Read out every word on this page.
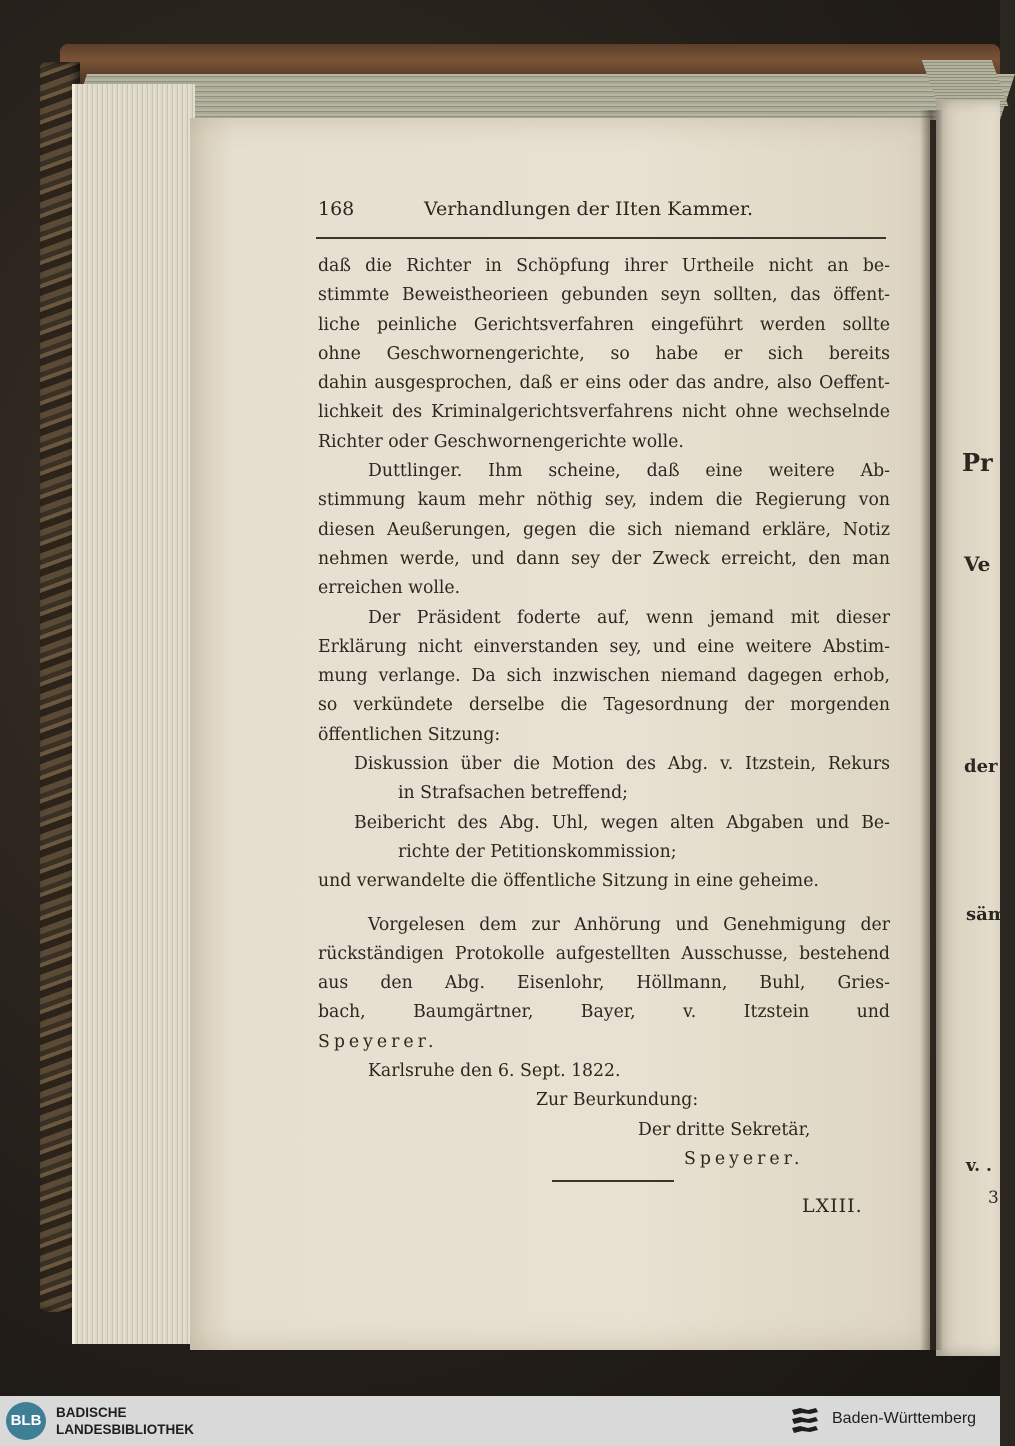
168	Verhandlungen der IIten Kammer.
daß die Richter in Schöpfung ihrer Urtheile nicht an be-
stimmte Beweistheorieen gebunden seyn sollten, das öffent-
liche peinliche Gerichtsverfahren eingeführt werden sollte
ohne Geschwornengerichte, so habe er sich bereits
dahin ausgesprochen, daß er eins oder das andre, also Oeffent-
lichkeit des Kriminalgerichtsverfahrens nicht ohne wechselnde
Richter oder Geschwornengerichte wolle.
Duttlinger. Ihm scheine, daß eine weitere Ab-
stimmung kaum mehr nöthig sey, indem die Regierung von
diesen Aeußerungen, gegen die sich niemand erkläre, Notiz
nehmen werde, und dann sey der Zweck erreicht, den man
erreichen wolle.
Der Präsident foderte auf, wenn jemand mit dieser
Erklärung nicht einverstanden sey, und eine weitere Abstim-
mung verlange. Da sich inzwischen niemand dagegen erhob,
so verkündete derselbe die Tagesordnung der morgenden
öffentlichen Sitzung:
Diskussion über die Motion des Abg. v. Itzstein, Rekurs
in Strafsachen betreffend;
Beibericht des Abg. Uhl, wegen alten Abgaben und Be-
richte der Petitionskommission;
und verwandelte die öffentliche Sitzung in eine geheime.
Vorgelesen dem zur Anhörung und Genehmigung der
rückständigen Protokolle aufgestellten Ausschusse, bestehend
aus den Abg. Eisenlohr, Höllmann, Buhl, Gries-
bach, Baumgärtner, Bayer, v. Itzstein und
Speyerer.
Karlsruhe den 6. Sept. 1822.
Zur Beurkundung:
Der dritte Sekretär,
Speyerer.
LXIII.
Pr
Ve
der
säm
v. .
3
BLB	BADISCHE
LANDESBIBLIOTHEK
Baden-Württemberg
